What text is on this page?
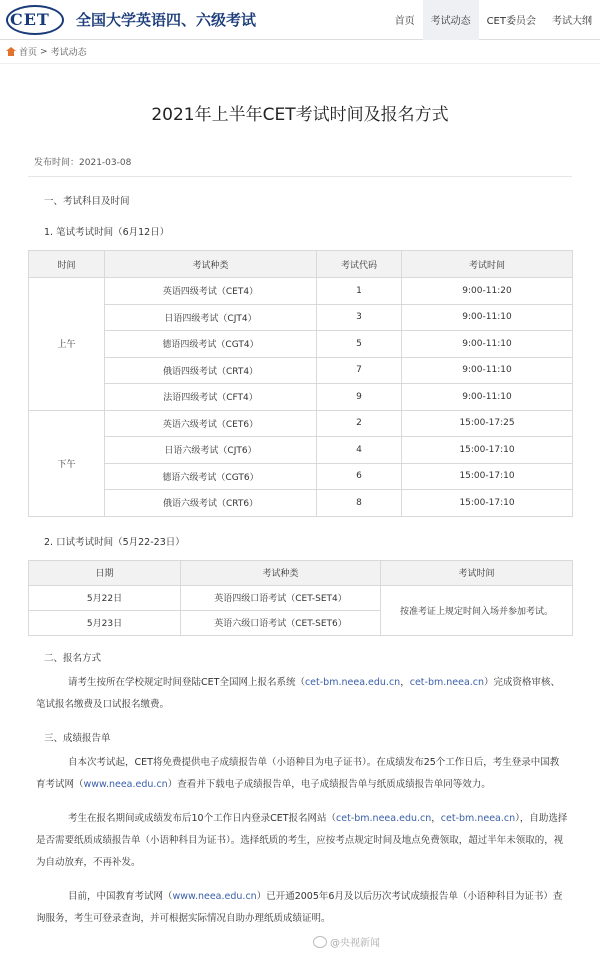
CET 全国大学英语四、六级考试	首页	考试动态	CET委员会	考试大纲
首页 > 考试动态
2021年上半年CET考试时间及报名方式
发布时间：2021-03-08
一、考试科目及时间
1. 笔试考试时间（6月12日）
时间	考试种类	考试代码	考试时间
上午	英语四级考试（CET4）	1	9:00-11:20
	日语四级考试（CJT4）	3	9:00-11:10
	德语四级考试（CGT4）	5	9:00-11:10
	俄语四级考试（CRT4）	7	9:00-11:10
	法语四级考试（CFT4）	9	9:00-11:10
下午	英语六级考试（CET6）	2	15:00-17:25
	日语六级考试（CJT6）	4	15:00-17:10
	德语六级考试（CGT6）	6	15:00-17:10
	俄语六级考试（CRT6）	8	15:00-17:10
2. 口试考试时间（5月22-23日）
日期	考试种类	考试时间
5月22日	英语四级口语考试（CET-SET4）	按准考证上规定时间入场并参加考试。
5月23日	英语六级口语考试（CET-SET6）	
二、报名方式

请考生按所在学校规定时间登陆CET全国网上报名系统（cet-bm.neea.edu.cn，cet-bm.neea.cn）完成资格审核、笔试报名缴费及口试报名缴费。

三、成绩报告单

自本次考试起，CET将免费提供电子成绩报告单（小语种目为电子证书）。在成绩发布25个工作日后，考生登录中国教育考试网（www.neea.edu.cn）查看并下载电子成绩报告单，电子成绩报告单与纸质成绩报告单同等效力。

考生在报名期间或成绩发布后10个工作日内登录CET报名网站（cet-bm.neea.edu.cn，cet-bm.neea.cn），自助选择是否需要纸质成绩报告单（小语种科目为证书）。选择纸质的考生，应按考点规定时间及地点免费领取，超过半年未领取的，视为自动放弃，不再补发。

目前，中国教育考试网（www.neea.edu.cn）已开通2005年6月及以后历次考试成绩报告单（小语种科目为证书）查询服务，考生可登录查询，并可根据实际情况自助办理纸质成绩证明。

@央视新闻
